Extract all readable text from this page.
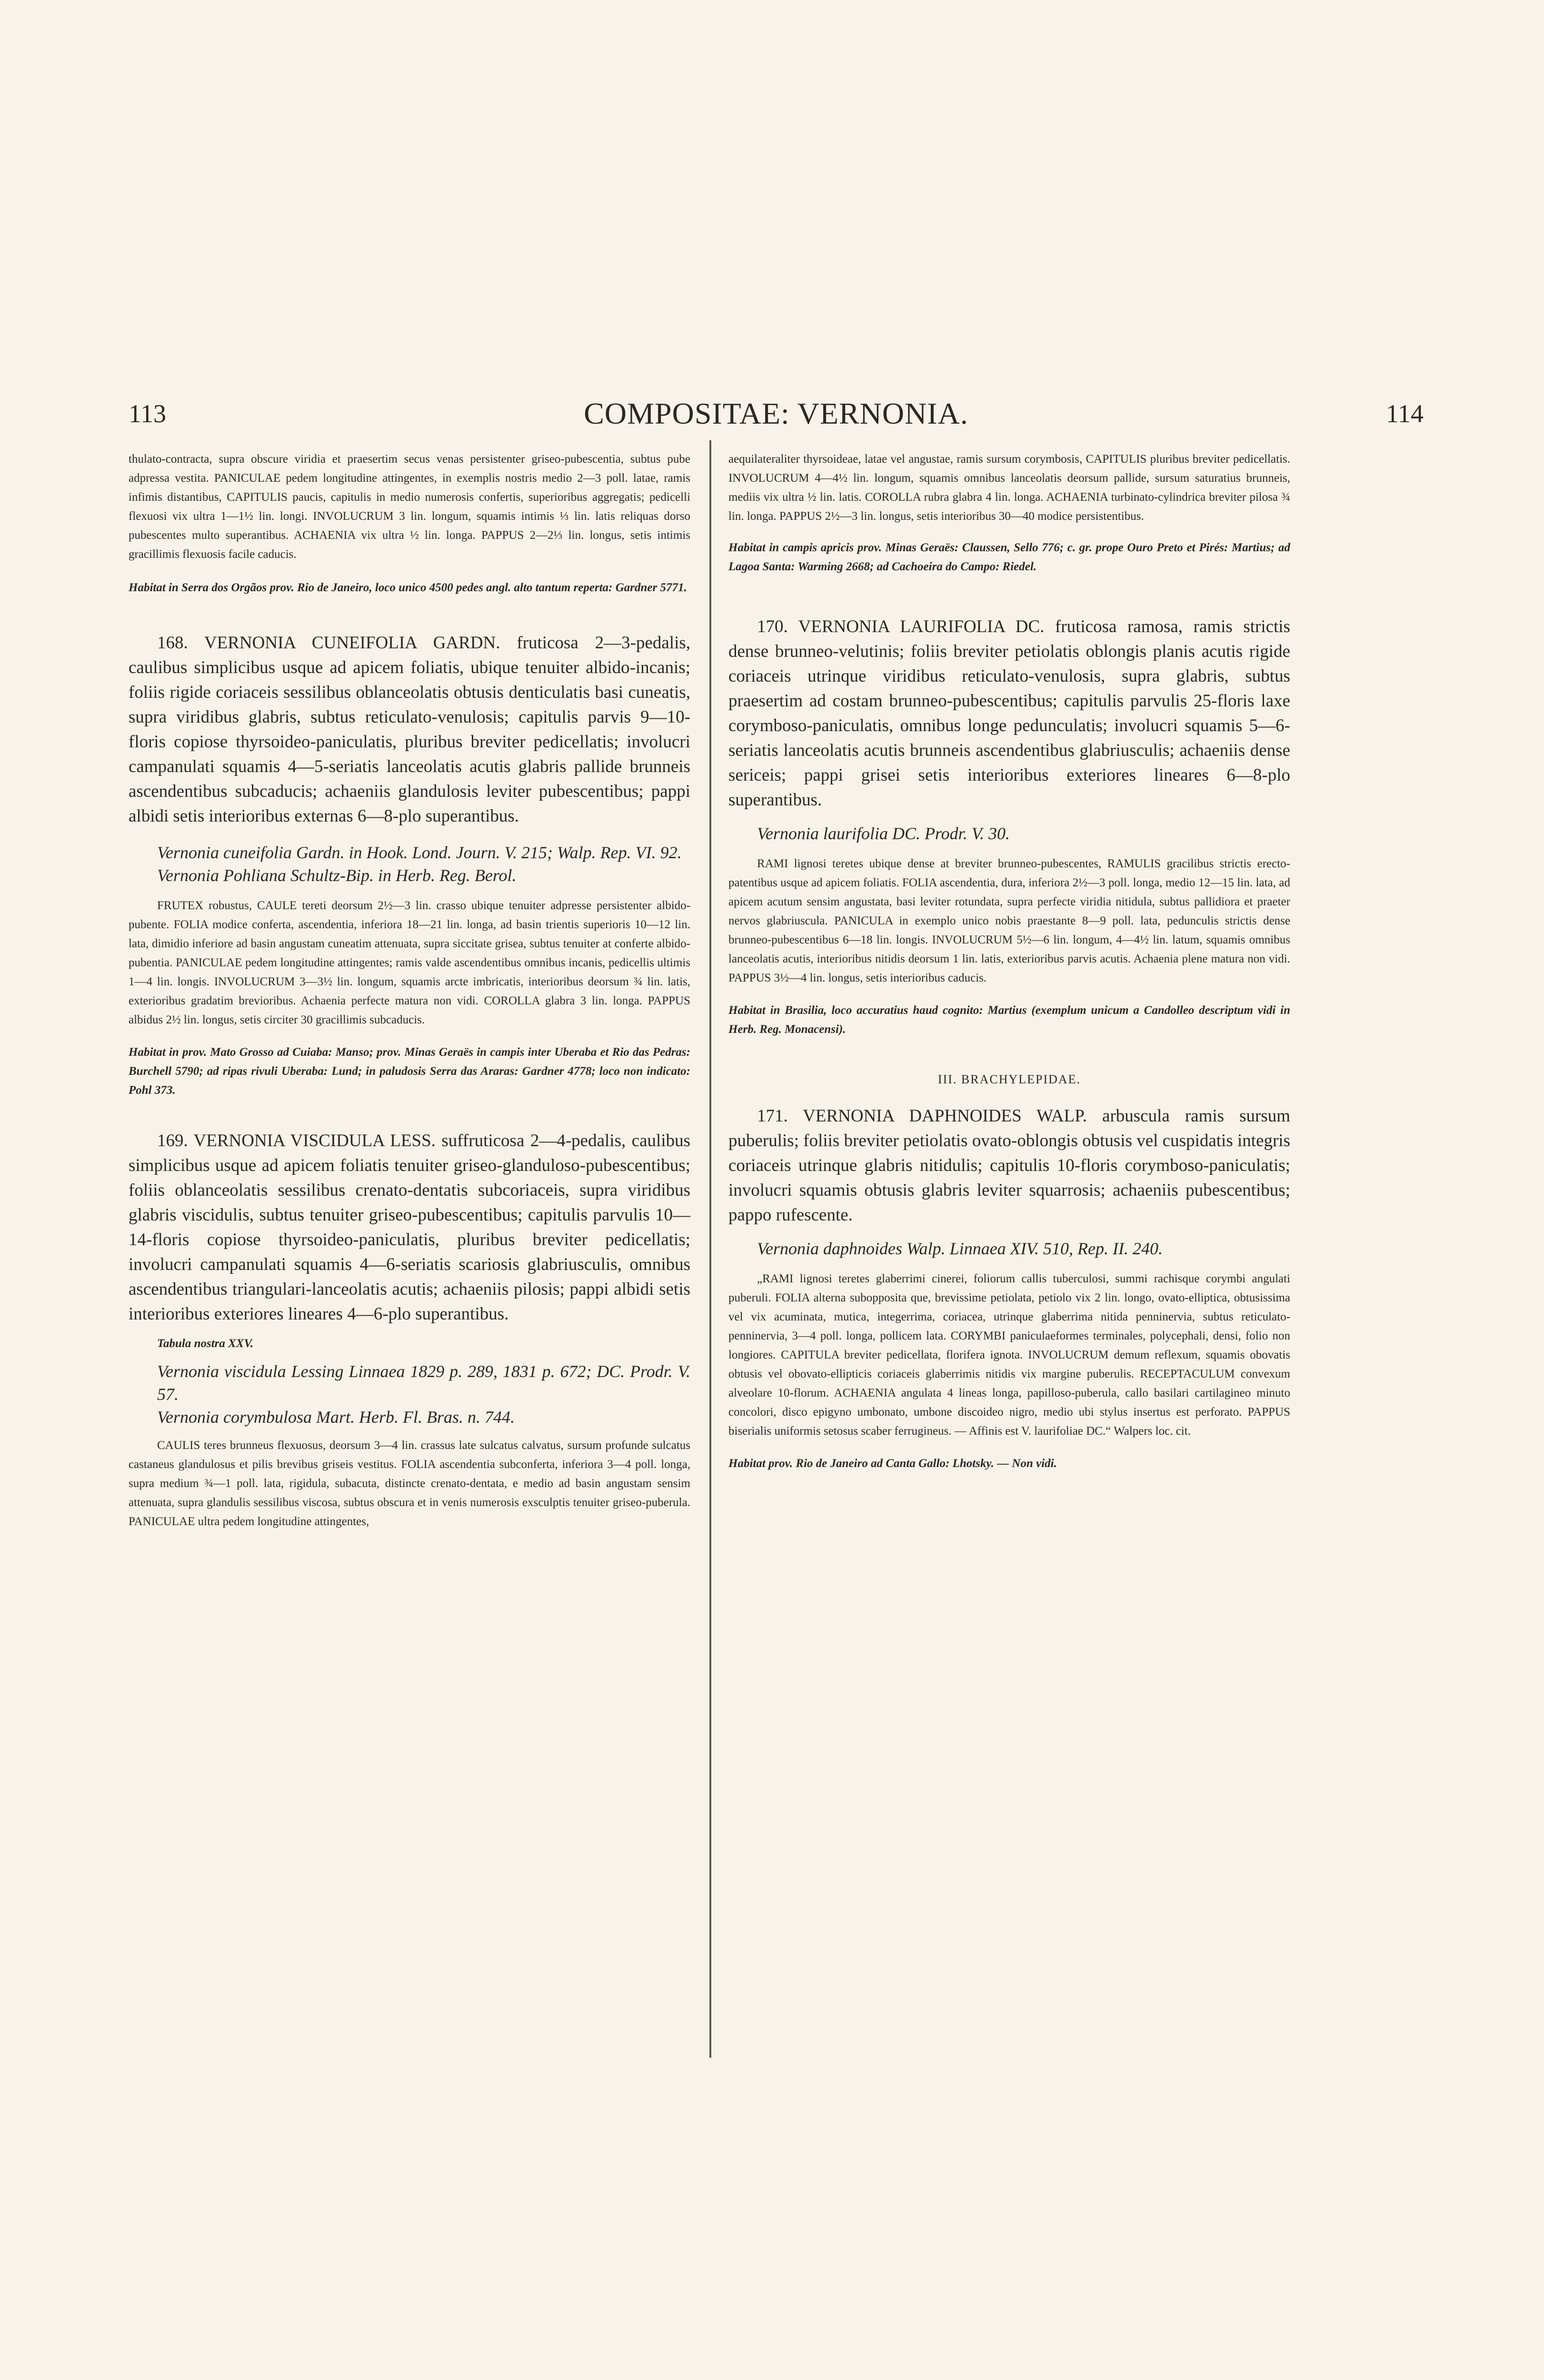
113	COMPOSITAE: VERNONIA.	114

thulato-contracta, supra obscure viridia et praesertim secus venas persistenter griseo-pubescentia, subtus pube adpressa vestita. PANICULAE pedem longitudine attingentes, in exemplis nostris medio 2—3 poll. latae, ramis infimis distantibus, CAPITULIS paucis, capitulis in medio numerosis confertis, superioribus aggregatis; pedicelli flexuosi vix ultra 1—1½ lin. longi. INVOLUCRUM 3 lin. longum, squamis intimis ⅓ lin. latis reliquas dorso pubescentes multo superantibus. ACHAENIA vix ultra ½ lin. longa. PAPPUS 2—2⅓ lin. longus, setis intimis gracillimis flexuosis facile caducis.

Habitat in Serra dos Orgãos prov. Rio de Janeiro, loco unico 4500 pedes angl. alto tantum reperta: Gardner 5771.

168. VERNONIA CUNEIFOLIA GARDN. fruticosa 2—3-pedalis, caulibus simplicibus usque ad apicem foliatis, ubique tenuiter albido-incanis; foliis rigide coriaceis sessilibus oblanceolatis obtusis denticulatis basi cuneatis, supra viridibus glabris, subtus reticulato-venulosis; capitulis parvis 9—10-floris copiose thyrsoideo-paniculatis, pluribus breviter pedicellatis; involucri campanulati squamis 4—5-seriatis lanceolatis acutis glabris pallide brunneis ascendentibus subcaducis; achaeniis glandulosis leviter pubescentibus; pappi albidi setis interioribus externas 6—8-plo superantibus.

Vernonia cuneifolia Gardn. in Hook. Lond. Journ. V. 215; Walp. Rep. VI. 92.

Vernonia Pohliana Schultz-Bip. in Herb. Reg. Berol.

FRUTEX robustus, CAULE tereti deorsum 2½—3 lin. crasso ubique tenuiter adpresse persistenter albido-pubente. FOLIA modice conferta, ascendentia, inferiora 18—21 lin. longa, ad basin trientis superioris 10—12 lin. lata, dimidio inferiore ad basin angustam cuneatim attenuata, supra siccitate grisea, subtus tenuiter at conferte albido-pubentia. PANICULAE pedem longitudine attingentes; ramis valde ascendentibus omnibus incanis, pedicellis ultimis 1—4 lin. longis. INVOLUCRUM 3—3½ lin. longum, squamis arcte imbricatis, interioribus deorsum ¾ lin. latis, exterioribus gradatim brevioribus. Achaenia perfecte matura non vidi. COROLLA glabra 3 lin. longa. PAPPUS albidus 2½ lin. longus, setis circiter 30 gracillimis subcaducis.

Habitat in prov. Mato Grosso ad Cuiaba: Manso; prov. Minas Geraës in campis inter Uberaba et Rio das Pedras: Burchell 5790; ad ripas rivuli Uberaba: Lund; in paludosis Serra das Araras: Gardner 4778; loco non indicato: Pohl 373.

169. VERNONIA VISCIDULA LESS. suffruticosa 2—4-pedalis, caulibus simplicibus usque ad apicem foliatis tenuiter griseo-glanduloso-pubescentibus; foliis oblanceolatis sessilibus crenato-dentatis subcoriaceis, supra viridibus glabris viscidulis, subtus tenuiter griseo-pubescentibus; capitulis parvulis 10—14-floris copiose thyrsoideo-paniculatis, pluribus breviter pedicellatis; involucri campanulati squamis 4—6-seriatis scariosis glabriusculis, omnibus ascendentibus triangulari-lanceolatis acutis; achaeniis pilosis; pappi albidi setis interioribus exteriores lineares 4—6-plo superantibus.

Tabula nostra XXV.

Vernonia viscidula Lessing Linnaea 1829 p. 289, 1831 p. 672; DC. Prodr. V. 57.

Vernonia corymbulosa Mart. Herb. Fl. Bras. n. 744.

CAULIS teres brunneus flexuosus, deorsum 3—4 lin. crassus late sulcatus calvatus, sursum profunde sulcatus castaneus glandulosus et pilis brevibus griseis vestitus. FOLIA ascendentia subconferta, inferiora 3—4 poll. longa, supra medium ¾—1 poll. lata, rigidula, subacuta, distincte crenato-dentata, e medio ad basin angustam sensim attenuata, supra glandulis sessilibus viscosa, subtus obscura et in venis numerosis exsculptis tenuiter griseo-puberula. PANICULAE ultra pedem longitudine attingentes,

aequilateraliter thyrsoideae, latae vel angustae, ramis sursum corymbosis, CAPITULIS pluribus breviter pedicellatis. INVOLUCRUM 4—4½ lin. longum, squamis omnibus lanceolatis deorsum pallide, sursum saturatius brunneis, mediis vix ultra ½ lin. latis. COROLLA rubra glabra 4 lin. longa. ACHAENIA turbinato-cylindrica breviter pilosa ¾ lin. longa. PAPPUS 2½—3 lin. longus, setis interioribus 30—40 modice persistentibus.

Habitat in campis apricis prov. Minas Geraës: Claussen, Sello 776; c. gr. prope Ouro Preto et Pirés: Martius; ad Lagoa Santa: Warming 2668; ad Cachoeira do Campo: Riedel.

170. VERNONIA LAURIFOLIA DC. fruticosa ramosa, ramis strictis dense brunneo-velutinis; foliis breviter petiolatis oblongis planis acutis rigide coriaceis utrinque viridibus reticulato-venulosis, supra glabris, subtus praesertim ad costam brunneo-pubescentibus; capitulis parvulis 25-floris laxe corymboso-paniculatis, omnibus longe pedunculatis; involucri squamis 5—6-seriatis lanceolatis acutis brunneis ascendentibus glabriusculis; achaeniis dense sericeis; pappi grisei setis interioribus exteriores lineares 6—8-plo superantibus.

Vernonia laurifolia DC. Prodr. V. 30.

RAMI lignosi teretes ubique dense at breviter brunneo-pubescentes, RAMULIS gracilibus strictis erecto-patentibus usque ad apicem foliatis. FOLIA ascendentia, dura, inferiora 2½—3 poll. longa, medio 12—15 lin. lata, ad apicem acutum sensim angustata, basi leviter rotundata, supra perfecte viridia nitidula, subtus pallidiora et praeter nervos glabriuscula. PANICULA in exemplo unico nobis praestante 8—9 poll. lata, pedunculis strictis dense brunneo-pubescentibus 6—18 lin. longis. INVOLUCRUM 5½—6 lin. longum, 4—4½ lin. latum, squamis omnibus lanceolatis acutis, interioribus nitidis deorsum 1 lin. latis, exterioribus parvis acutis. Achaenia plene matura non vidi. PAPPUS 3½—4 lin. longus, setis interioribus caducis.

Habitat in Brasilia, loco accuratius haud cognito: Martius (exemplum unicum a Candolleo descriptum vidi in Herb. Reg. Monacensi).

III. BRACHYLEPIDAE.

171. VERNONIA DAPHNOIDES WALP. arbuscula ramis sursum puberulis; foliis breviter petiolatis ovato-oblongis obtusis vel cuspidatis integris coriaceis utrinque glabris nitidulis; capitulis 10-floris corymboso-paniculatis; involucri squamis obtusis glabris leviter squarrosis; achaeniis pubescentibus; pappo rufescente.

Vernonia daphnoides Walp. Linnaea XIV. 510, Rep. II. 240.

„RAMI lignosi teretes glaberrimi cinerei, foliorum callis tuberculosi, summi rachisque corymbi angulati puberuli. FOLIA alterna subopposita que, brevissime petiolata, petiolo vix 2 lin. longo, ovato-elliptica, obtusissima vel vix acuminata, mutica, integerrima, coriacea, utrinque glaberrima nitida penninervia, subtus reticulato-penninervia, 3—4 poll. longa, pollicem lata. CORYMBI paniculaeformes terminales, polycephali, densi, folio non longiores. CAPITULA breviter pedicellata, florifera ignota. INVOLUCRUM demum reflexum, squamis obovatis obtusis vel obovato-ellipticis coriaceis glaberrimis nitidis vix margine puberulis. RECEPTACULUM convexum alveolare 10-florum. ACHAENIA angulata 4 lineas longa, papilloso-puberula, callo basilari cartilagineo minuto concolori, disco epigyno umbonato, umbone discoideo nigro, medio ubi stylus insertus est perforato. PAPPUS biserialis uniformis setosus scaber ferrugineus. — Affinis est V. laurifoliae DC.“ Walpers loc. cit.

Habitat prov. Rio de Janeiro ad Canta Gallo: Lhotsky. — Non vidi.
